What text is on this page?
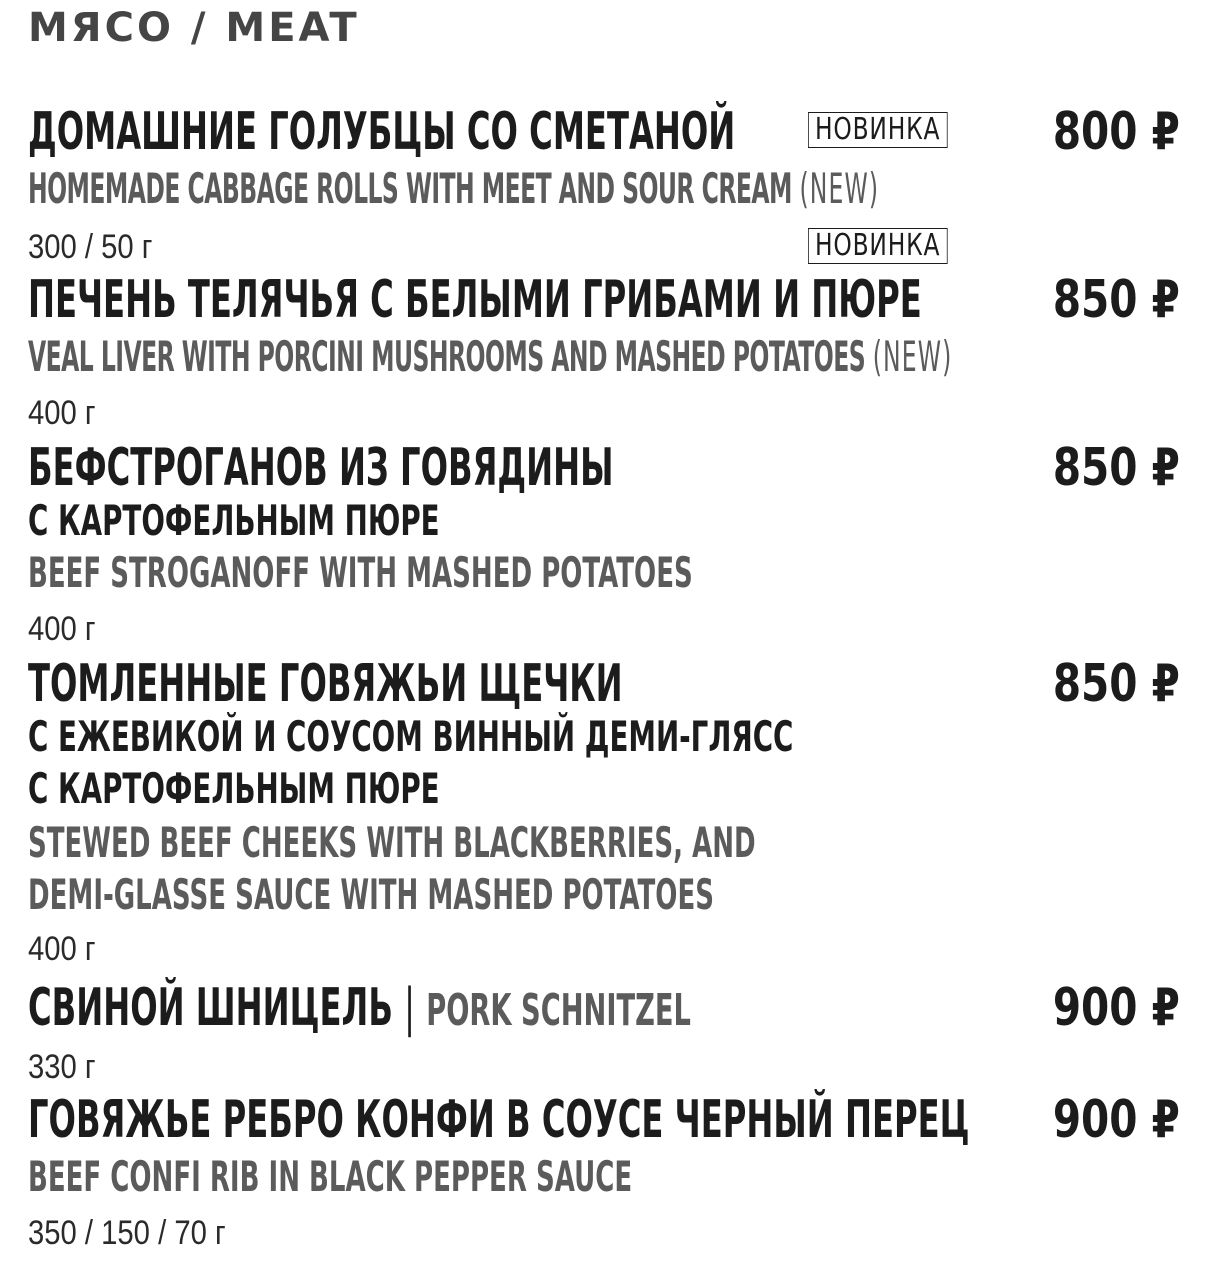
МЯСО / MEAT
ДОМАШНИЕ ГОЛУБЦЫ СО СМЕТАНОЙ	НОВИНКА 800 ₽
HOMEMADE CABBAGE ROLLS WITH MEET AND SOUR CREAM (NEW)
300 / 50 г	НОВИНКА
ПЕЧЕНЬ ТЕЛЯЧЬЯ С БЕЛЫМИ ГРИБАМИ И ПЮРЕ	850 ₽
VEAL LIVER WITH PORCINI MUSHROOMS AND MASHED POTATOES (NEW)
400 г
БЕФСТРОГАНОВ ИЗ ГОВЯДИНЫ	850 ₽
С КАРТОФЕЛЬНЫМ ПЮРЕ
BEEF STROGANOFF WITH MASHED POTATOES
400 г
ТОМЛЕННЫЕ ГОВЯЖЬИ ЩЕЧКИ	850 ₽
С ЕЖЕВИКОЙ И СОУСОМ ВИННЫЙ ДЕМИ-ГЛЯСС
С КАРТОФЕЛЬНЫМ ПЮРЕ
STEWED BEEF CHEEKS WITH BLACKBERRIES, AND
DEMI-GLASSE SAUCE WITH MASHED POTATOES
400 г
СВИНОЙ ШНИЦЕЛЬ | PORK SCHNITZEL	900 ₽
330 г
ГОВЯЖЬЕ РЕБРО КОНФИ В СОУСЕ ЧЕРНЫЙ ПЕРЕЦ 900 ₽
BEEF CONFI RIB IN BLACK PEPPER SAUCE
350 / 150 / 70 г
